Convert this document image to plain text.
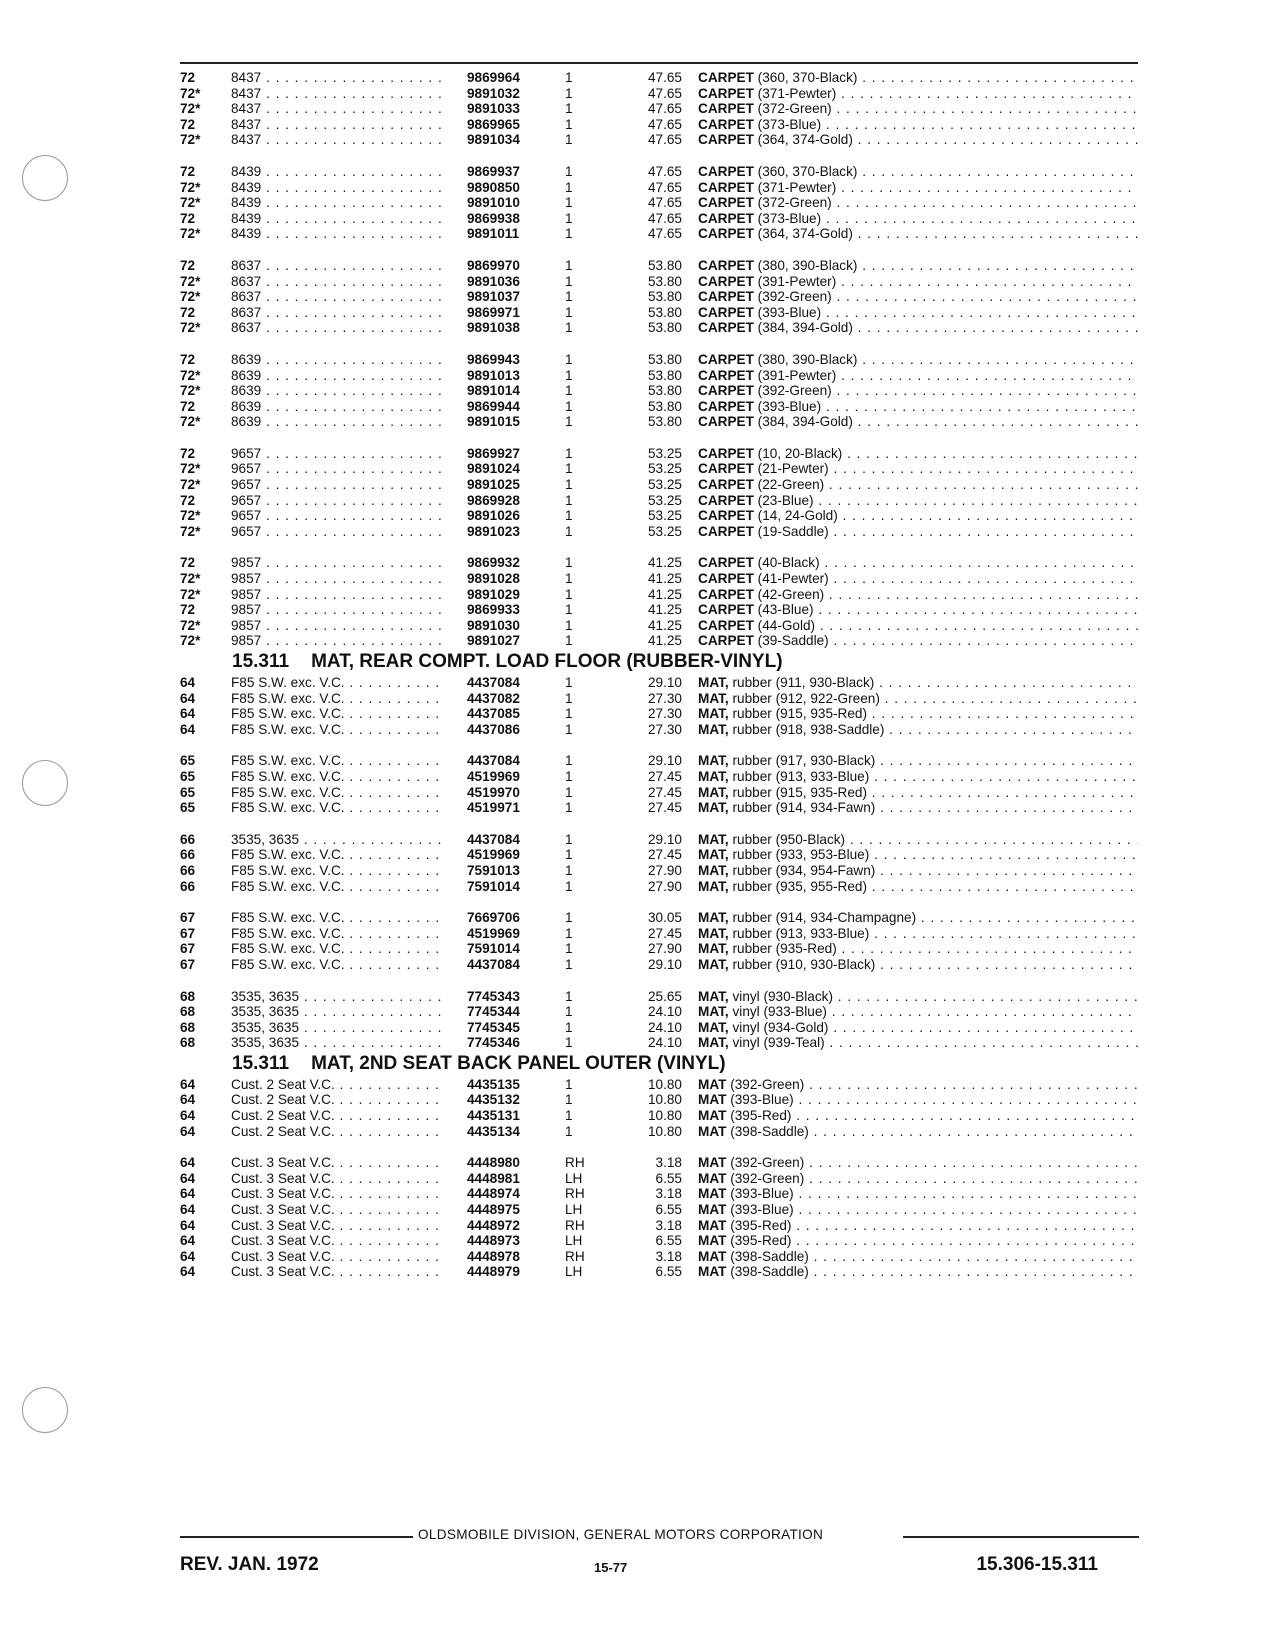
72	8437 . . .	9869964	1	47.65 CARPET (360, 370-Black) . . .
72* 8437 . . .	9891032	1	47.65 CARPET (371-Pewter) . . .
72* 8437 . . .	9891033	1	47.65 CARPET (372-Green) . . .
72	8437 . . .	9869965	1	47.65 CARPET (373-Blue) . . .
72* 8437 . . .	9891034	1	47.65 CARPET (364, 374-Gold) . . .
72	8439 . . .	9869937	1	47.65 CARPET (360, 370-Black) . . .
72* 8439 . . .	9890850	1	47.65 CARPET (371-Pewter) . . .
72* 8439 . . .	9891010	1	47.65 CARPET (372-Green) . . .
72	8439 . . .	9869938	1	47.65 CARPET (373-Blue) . . .
72* 8439 . . .	9891011	1	47.65 CARPET (364, 374-Gold) . . .
72	8637 . . .	9869970	1	53.80 CARPET (380, 390-Black) . . .
72* 8637 . . .	9891036	1	53.80 CARPET (391-Pewter) . . .
72* 8637 . . .	9891037	1	53.80 CARPET (392-Green) . . .
72	8637 . . .	9869971	1	53.80 CARPET (393-Blue) . . .
72* 8637 . . .	9891038	1	53.80 CARPET (384, 394-Gold) . . .
72	8639 . . .	9869943	1	53.80 CARPET (380, 390-Black) . . .
72* 8639 . . .	9891013	1	53.80 CARPET (391-Pewter) . . .
72* 8639 . . .	9891014	1	53.80 CARPET (392-Green) . . .
72	8639 . . .	9869944	1	53.80 CARPET (393-Blue) . . .
72* 8639 . . .	9891015	1	53.80 CARPET (384, 394-Gold) . . .
72	9657 . . .	9869927	1	53.25 CARPET (10, 20-Black) . . .
72* 9657 . . .	9891024	1	53.25 CARPET (21-Pewter) . . .
72* 9657 . . .	9891025	1	53.25 CARPET (22-Green) . . .
72	9657 . . .	9869928	1	53.25 CARPET (23-Blue) . . .
72* 9657 . . .	9891026	1	53.25 CARPET (14, 24-Gold) . . .
72* 9657 . . .	9891023	1	53.25 CARPET (19-Saddle) . . .
72	9857 . . .	9869932	1	41.25 CARPET (40-Black) . . .
72* 9857 . . .	9891028	1	41.25 CARPET (41-Pewter) . . .
72* 9857 . . .	9891029	1	41.25 CARPET (42-Green) . . .
72	9857 . . .	9869933	1	41.25 CARPET (43-Blue) . . .
72* 9857 . . .	9891030	1	41.25 CARPET (44-Gold) . . .
72* 9857 . . .	9891027	1	41.25 CARPET (39-Saddle) . . .
15.311 MAT, REAR COMPT. LOAD FLOOR (RUBBER-VINYL)
64	F85 S.W. exc. V.C. . . .	4437084	1	29.10 MAT, rubber (911, 930-Black) . . .
64	F85 S.W. exc. V.C. . . .	4437082	1	27.30 MAT, rubber (912, 922-Green) . . .
64	F85 S.W. exc. V.C. . . .	4437085	1	27.30 MAT, rubber (915, 935-Red) . . .
64	F85 S.W. exc. V.C. . . .	4437086	1	27.30 MAT, rubber (918, 938-Saddle) . . .
65	F85 S.W. exc. V.C. . . .	4437084	1	29.10 MAT, rubber (917, 930-Black) . . .
65	F85 S.W. exc. V.C. . . .	4519969	1	27.45 MAT, rubber (913, 933-Blue) . . .
65	F85 S.W. exc. V.C. . . .	4519970	1	27.45 MAT, rubber (915, 935-Red) . . .
65	F85 S.W. exc. V.C. . . .	4519971	1	27.45 MAT, rubber (914, 934-Fawn) . . .
66	3535, 3635 . . .	4437084	1	29.10 MAT, rubber (950-Black) . . .
66	F85 S.W. exc. V.C. . . .	4519969	1	27.45 MAT, rubber (933, 953-Blue) . . .
66	F85 S.W. exc. V.C. . . .	7591013	1	27.90 MAT, rubber (934, 954-Fawn) . . .
66	F85 S.W. exc. V.C. . . .	7591014	1	27.90 MAT, rubber (935, 955-Red) . . .
67	F85 S.W. exc. V.C. . . .	7669706	1	30.05 MAT, rubber (914, 934-Champagne) . . .
67	F85 S.W. exc. V.C. . . .	4519969	1	27.45 MAT, rubber (913, 933-Blue) . . .
67	F85 S.W. exc. V.C. . . .	7591014	1	27.90 MAT, rubber (935-Red) . . .
67	F85 S.W. exc. V.C. . . .	4437084	1	29.10 MAT, rubber (910, 930-Black) . . .
68	3535, 3635 . . .	7745343	1	25.65 MAT, vinyl (930-Black) . . .
68	3535, 3635 . . .	7745344	1	24.10 MAT, vinyl (933-Blue) . . .
68	3535, 3635 . . .	7745345	1	24.10 MAT, vinyl (934-Gold) . . .
68	3535, 3635 . . .	7745346	1	24.10 MAT, vinyl (939-Teal) . . .
15.311 MAT, 2ND SEAT BACK PANEL OUTER (VINYL)
64	Cust. 2 Seat V.C. . . .	4435135	1	10.80 MAT (392-Green) . . .
64	Cust. 2 Seat V.C. . . .	4435132	1	10.80 MAT (393-Blue) . . .
64	Cust. 2 Seat V.C. . . .	4435131	1	10.80 MAT (395-Red) . . .
64	Cust. 2 Seat V.C. . . .	4435134	1	10.80 MAT (398-Saddle) . . .
64	Cust. 3 Seat V.C. . . .	4448980	RH	3.18 MAT (392-Green) . . .
64	Cust. 3 Seat V.C. . . .	4448981	LH	6.55 MAT (392-Green) . . .
64	Cust. 3 Seat V.C. . . .	4448974	RH	3.18 MAT (393-Blue) . . .
64	Cust. 3 Seat V.C. . . .	4448975	LH	6.55 MAT (393-Blue) . . .
64	Cust. 3 Seat V.C. . . .	4448972	RH	3.18 MAT (395-Red) . . .
64	Cust. 3 Seat V.C. . . .	4448973	LH	6.55 MAT (395-Red) . . .
64	Cust. 3 Seat V.C. . . .	4448978	RH	3.18 MAT (398-Saddle) . . .
64	Cust. 3 Seat V.C. . . .	4448979	LH	6.55 MAT (398-Saddle) . . .
OLDSMOBILE DIVISION, GENERAL MOTORS CORPORATION
REV. JAN. 1972	15-77	15.306-15.311
